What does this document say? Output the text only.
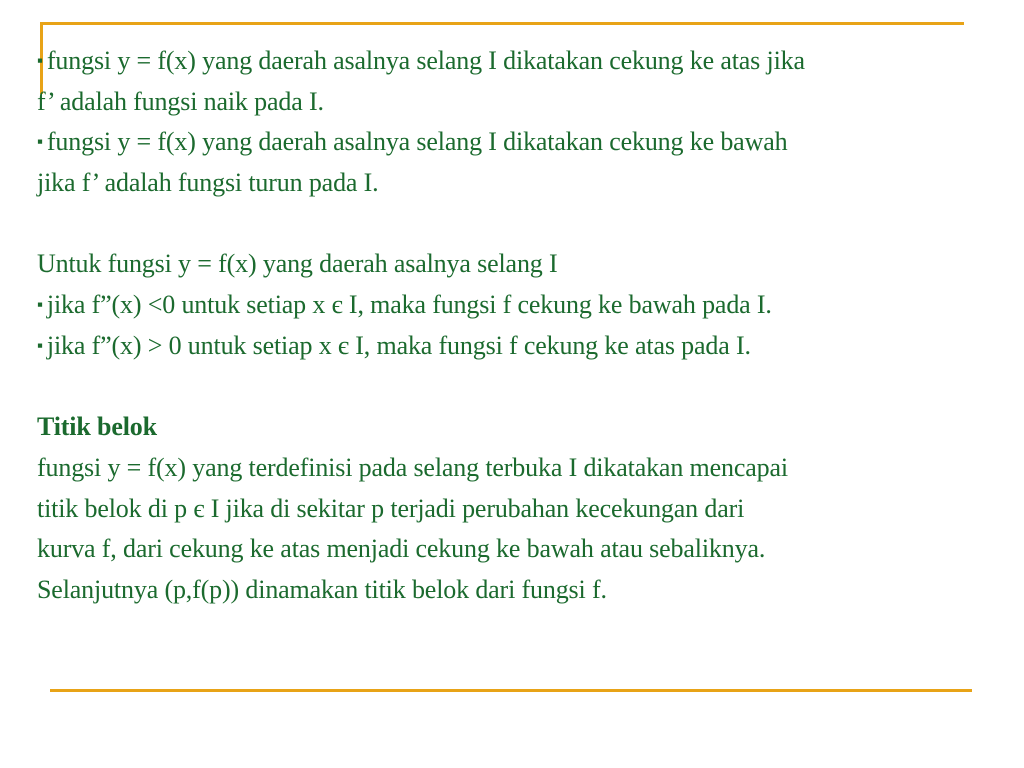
▪ fungsi y = f(x) yang daerah asalnya selang I dikatakan cekung ke atas jika
f’ adalah fungsi naik pada I.
▪ fungsi y = f(x) yang daerah asalnya selang I dikatakan cekung ke bawah
jika f’ adalah fungsi turun pada I.
Untuk fungsi y = f(x) yang daerah asalnya selang I
▪ jika f”(x) <0 untuk setiap x є I, maka fungsi f cekung ke bawah pada I.
▪ jika f”(x) > 0 untuk setiap x є I, maka fungsi f cekung ke atas pada I.
Titik belok
fungsi y = f(x) yang terdefinisi pada selang terbuka I dikatakan mencapai
titik belok di p є I jika di sekitar p terjadi perubahan kecekungan dari
kurva f, dari cekung ke atas menjadi cekung ke bawah atau sebaliknya.
Selanjutnya (p,f(p)) dinamakan titik belok dari fungsi f.
